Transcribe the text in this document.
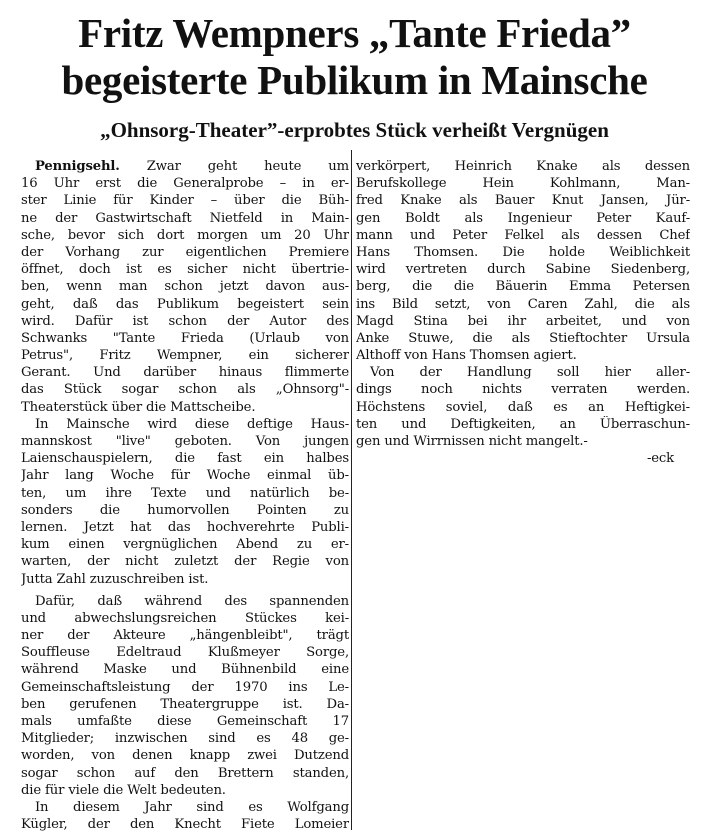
Fritz Wempners „Tante Frieda”
begeisterte Publikum in Mainsche
„Ohnsorg-Theater”-erprobtes Stück verheißt Vergnügen
Pennigsehl. Zwar geht heute um
16 Uhr erst die Generalprobe – in er-
ster Linie für Kinder – über die Büh-
ne der Gastwirtschaft Nietfeld in Main-
sche, bevor sich dort morgen um 20 Uhr
der Vorhang zur eigentlichen Premiere
öffnet, doch ist es sicher nicht übertrie-
ben, wenn man schon jetzt davon aus-
geht, daß das Publikum begeistert sein
wird. Dafür ist schon der Autor des
Schwanks "Tante Frieda (Urlaub von
Petrus", Fritz Wempner, ein sicherer
Gerant. Und darüber hinaus flimmerte
das Stück sogar schon als „Ohnsorg"-
Theaterstück über die Mattscheibe.
In Mainsche wird diese deftige Haus-
mannskost "live" geboten. Von jungen
Laienschauspielern, die fast ein halbes
Jahr lang Woche für Woche einmal üb-
ten, um ihre Texte und natürlich be-
sonders die humorvollen Pointen zu
lernen. Jetzt hat das hochverehrte Publi-
kum einen vergnüglichen Abend zu er-
warten, der nicht zuletzt der Regie von
Jutta Zahl zuzuschreiben ist.
Dafür, daß während des spannenden
und abwechslungsreichen Stückes kei-
ner der Akteure „hängenbleibt", trägt
Souffleuse Edeltraud Klußmeyer Sorge,
während Maske und Bühnenbild eine
Gemeinschaftsleistung der 1970 ins Le-
ben gerufenen Theatergruppe ist. Da-
mals umfaßte diese Gemeinschaft 17
Mitglieder; inzwischen sind es 48 ge-
worden, von denen knapp zwei Dutzend
sogar schon auf den Brettern standen,
die für viele die Welt bedeuten.
In diesem Jahr sind es Wolfgang
Kügler, der den Knecht Fiete Lomeier
verkörpert, Heinrich Knake als dessen
Berufskollege Hein Kohlmann, Man-
fred Knake als Bauer Knut Jansen, Jür-
gen Boldt als Ingenieur Peter Kauf-
mann und Peter Felkel als dessen Chef
Hans Thomsen. Die holde Weiblichkeit
wird vertreten durch Sabine Siedenberg,
berg, die die Bäuerin Emma Petersen
ins Bild setzt, von Caren Zahl, die als
Magd Stina bei ihr arbeitet, und von
Anke Stuwe, die als Stieftochter Ursula
Althoff von Hans Thomsen agiert.
Von der Handlung soll hier aller-
dings noch nichts verraten werden.
Höchstens soviel, daß es an Heftigkei-
ten und Deftigkeiten, an Überraschun-
gen und Wirrnissen nicht mangelt.-
-eck
